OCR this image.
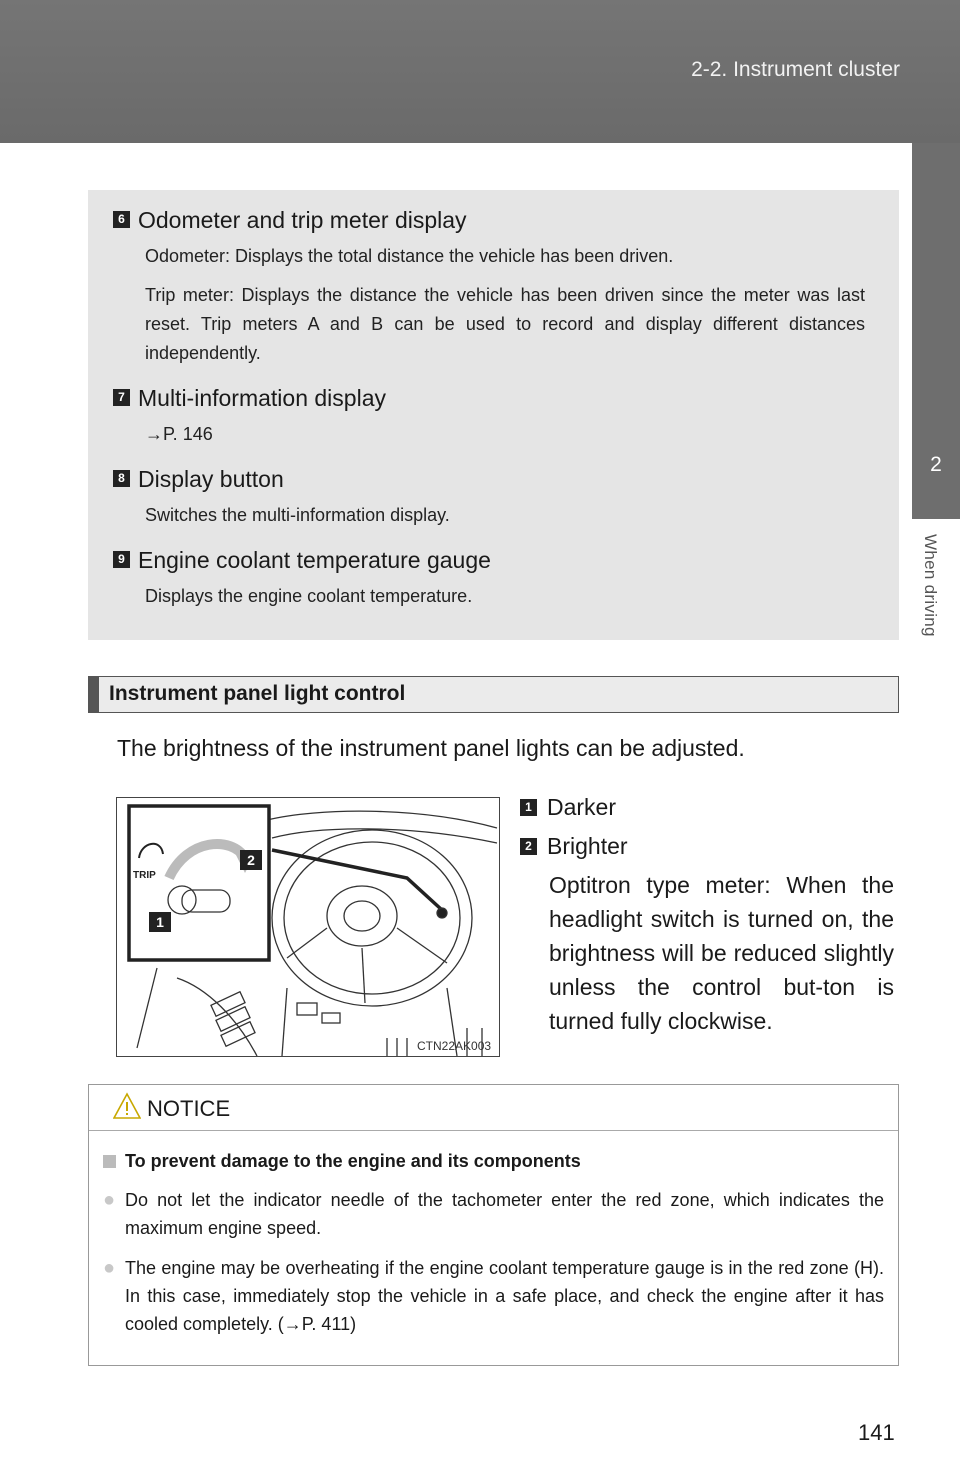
2-2. Instrument cluster
2
When driving
6 Odometer and trip meter display

Odometer: Displays the total distance the vehicle has been driven.

Trip meter: Displays the distance the vehicle has been driven since the meter was last reset. Trip meters A and B can be used to record and display different distances independently.

7 Multi-information display

→P. 146

8 Display button

Switches the multi-information display.

9 Engine coolant temperature gauge

Displays the engine coolant temperature.

Instrument panel light control
The brightness of the instrument panel lights can be adjusted.
TRIP
2
1
CTN22AK003
1 Darker
2 Brighter
Optitron type meter: When the headlight switch is turned on, the brightness will be reduced slightly unless the control but-ton is turned fully clockwise.
NOTICE
To prevent damage to the engine and its components
● Do not let the indicator needle of the tachometer enter the red zone, which indicates the maximum engine speed.
● The engine may be overheating if the engine coolant temperature gauge is in the red zone (H). In this case, immediately stop the vehicle in a safe place, and check the engine after it has cooled completely. (→P. 411)
141
